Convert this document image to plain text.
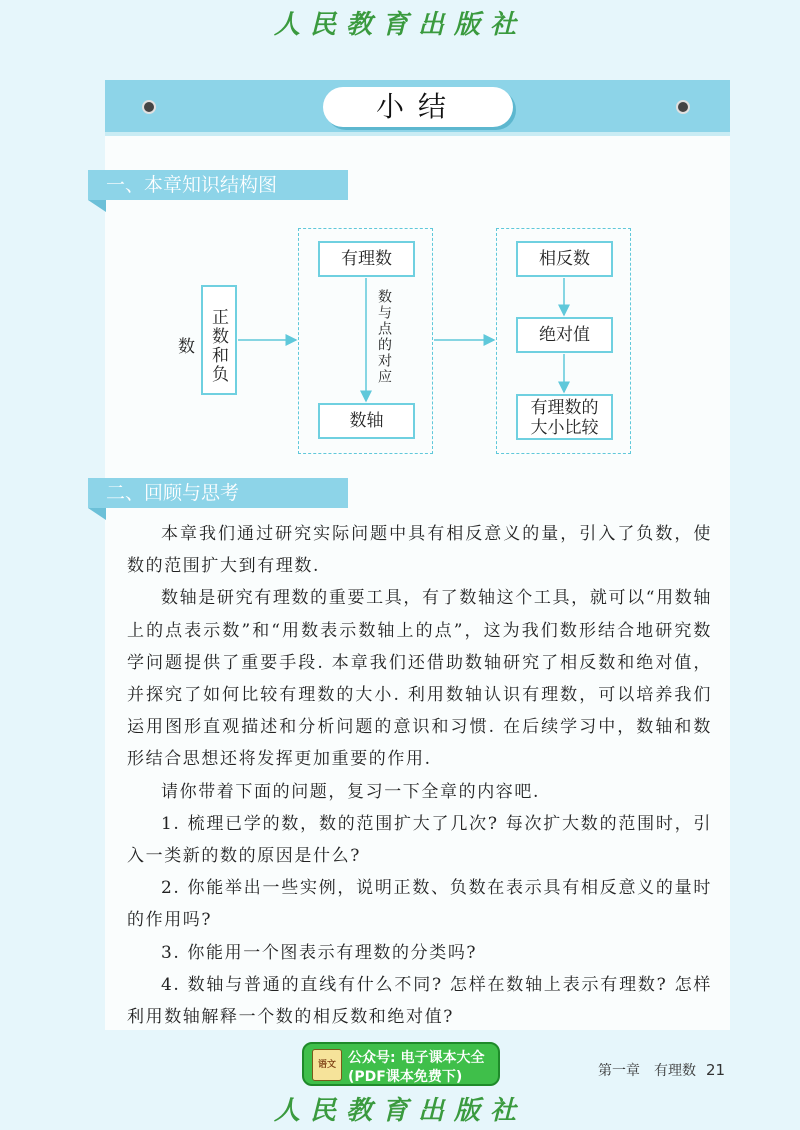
人民教育出版社
小结
一、本章知识结构图
正数和负数
有理数
数与点的对应
数轴
相反数
绝对值
有理数的
大小比较
二、回顾与思考

本章我们通过研究实际问题中具有相反意义的量，引入了负数，使数的范围扩大到有理数.

数轴是研究有理数的重要工具，有了数轴这个工具，就可以“用数轴上的点表示数”和“用数表示数轴上的点”，这为我们数形结合地研究数学问题提供了重要手段. 本章我们还借助数轴研究了相反数和绝对值，并探究了如何比较有理数的大小. 利用数轴认识有理数，可以培养我们运用图形直观描述和分析问题的意识和习惯. 在后续学习中，数轴和数形结合思想还将发挥更加重要的作用.

请你带着下面的问题，复习一下全章的内容吧.

1. 梳理已学的数，数的范围扩大了几次? 每次扩大数的范围时，引入一类新的数的原因是什么?

2. 你能举出一些实例，说明正数、负数在表示具有相反意义的量时的作用吗?

3. 你能用一个图表示有理数的分类吗?

4. 数轴与普通的直线有什么不同? 怎样在数轴上表示有理数? 怎样利用数轴解释一个数的相反数和绝对值?

语文 公众号: 电子课本大全
(PDF课本免费下)	第一章　有理数 21
人民教育出版社
